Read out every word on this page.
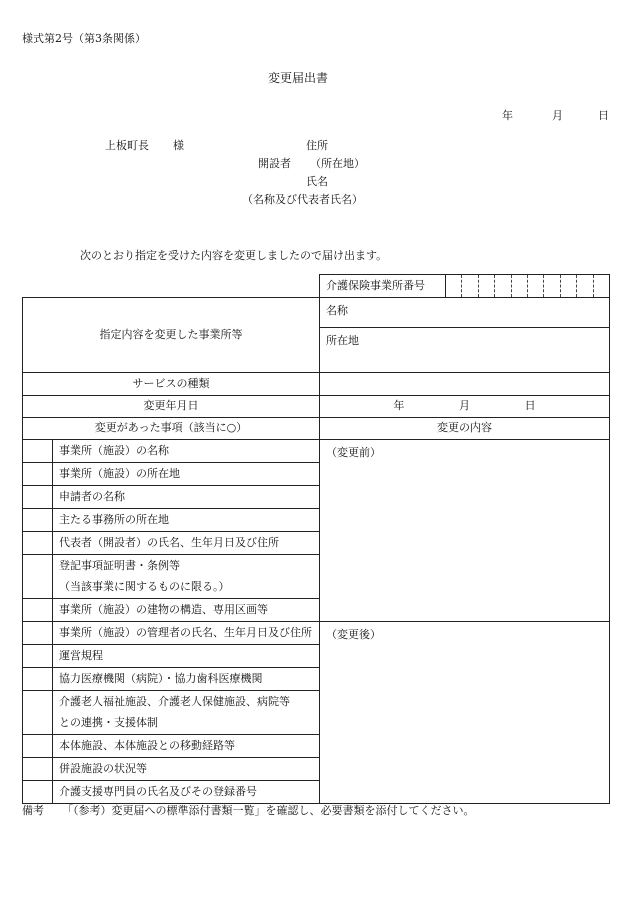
様式第2号（第3条関係）
変更届出書
年	月	日
上板町長 様	住所
開設者 （所在地）
氏名
（名称及び代表者氏名）
次のとおり指定を受けた内容を変更しましたので届け出ます。
		介護保険事業所番号	

指定内容を変更した事業所等		名称
所在地	

サービスの種類			
変更年月日		年 月 日	

変更があった事項（該当に○）		変更の内容	
	事業所（施設）の名称	（変更前）	
	事業所（施設）の所在地		
	申請者の名称		
	主たる事務所の所在地		
	代表者（開設者）の氏名、生年月日及び住所		

	登記事項証明書・条例等
（当該事業に関するものに限る。）		

	事業所（施設）の建物の構造、専用区画等		
	事業所（施設）の管理者の氏名、生年月日及び住所	（変更後）	
	運営規程		
	協力医療機関（病院）・協力歯科医療機関		

	介護老人福祉施設、介護老人保健施設、病院等
との連携・支援体制		

	本体施設、本体施設との移動経路等		
	併設施設の状況等		
	介護支援専門員の氏名及びその登録番号		
備考 「（参考）変更届への標準添付書類一覧」を確認し、必要書類を添付してください。
